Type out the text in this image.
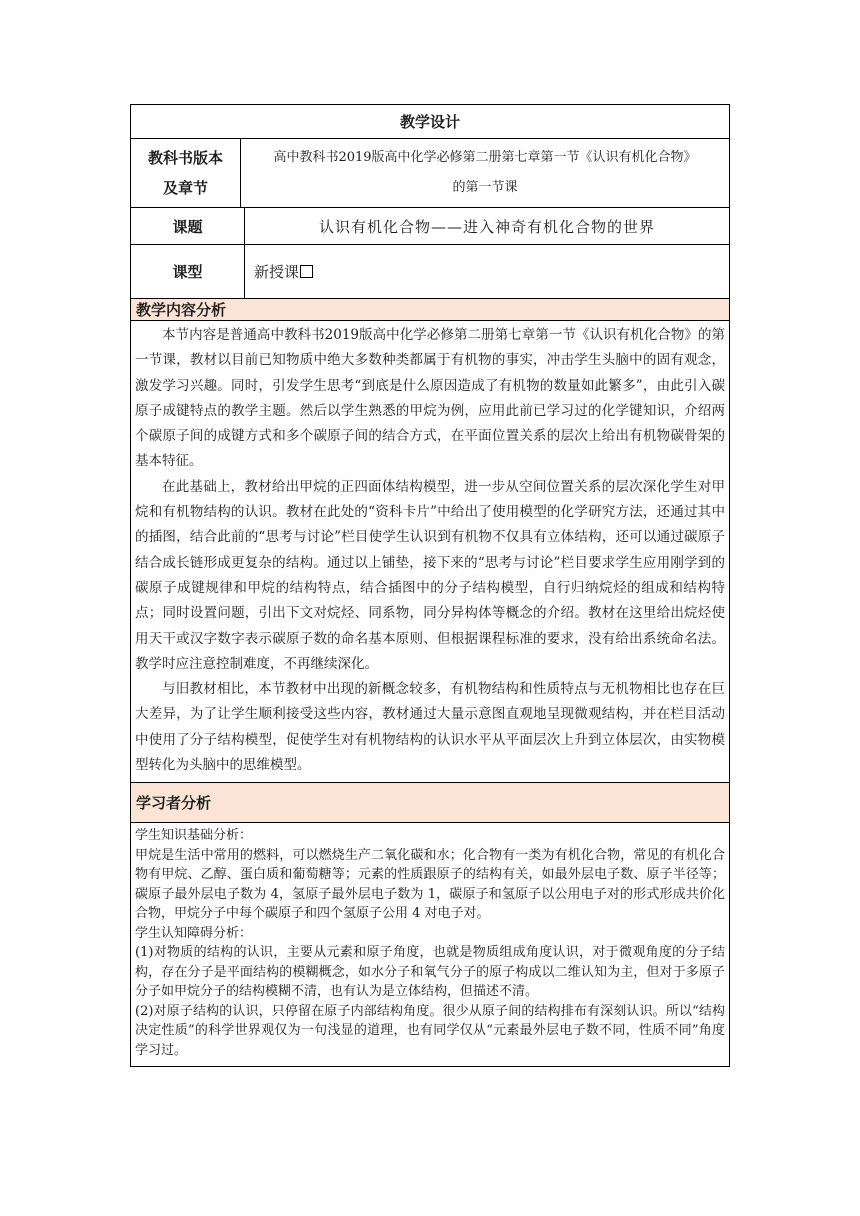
教学设计
教科书版本
及章节
高中教科书2019版高中化学必修第二册第七章第一节《认识有机化合物》
的第一节课
课题	认识有机化合物——进入神奇有机化合物的世界
课型	新授课
教学内容分析

本节内容是普通高中教科书2019版高中化学必修第二册第七章第一节《认识有机化合物》的第一节课，教材以目前已知物质中绝大多数种类都属于有机物的事实，冲击学生头脑中的固有观念，激发学习兴趣。同时，引发学生思考“到底是什么原因造成了有机物的数量如此繁多”，由此引入碳原子成键特点的教学主题。然后以学生熟悉的甲烷为例，应用此前已学习过的化学键知识，介绍两个碳原子间的成键方式和多个碳原子间的结合方式，在平面位置关系的层次上给出有机物碳骨架的基本特征。

在此基础上，教材给出甲烷的正四面体结构模型，进一步从空间位置关系的层次深化学生对甲烷和有机物结构的认识。教材在此处的“资科卡片”中给出了使用模型的化学研究方法，还通过其中的插图，结合此前的“思考与讨论”栏目使学生认识到有机物不仅具有立体结构，还可以通过碳原子结合成长链形成更复杂的结构。通过以上铺垫，接下来的“思考与讨论”栏目要求学生应用刚学到的碳原子成键规律和甲烷的结构特点，结合插图中的分子结构模型，自行归纳烷烃的组成和结构特点；同时设置问题，引出下文对烷烃、同系物，同分异构体等概念的介绍。教材在这里给出烷烃使用天干或汉字数字表示碳原子数的命名基本原则、但根据课程标准的要求，没有给出系统命名法。教学时应注意控制难度，不再继续深化。

与旧教材相比，本节教材中出现的新概念较多，有机物结构和性质特点与无机物相比也存在巨大差异，为了让学生顺利接受这些内容，教材通过大量示意图直观地呈现微观结构，并在栏目活动中使用了分子结构模型，促使学生对有机物结构的认识水平从平面层次上升到立体层次，由实物模型转化为头脑中的思维模型。

学习者分析

学生知识基础分析：

甲烷是生活中常用的燃料，可以燃烧生产二氧化碳和水；化合物有一类为有机化合物，常见的有机化合物有甲烷、乙醇、蛋白质和葡萄糖等；元素的性质跟原子的结构有关，如最外层电子数、原子半径等；碳原子最外层电子数为 4，氢原子最外层电子数为 1，碳原子和氢原子以公用电子对的形式形成共价化合物，甲烷分子中每个碳原子和四个氢原子公用 4 对电子对。

学生认知障碍分析：

(1)对物质的结构的认识，主要从元素和原子角度，也就是物质组成角度认识，对于微观角度的分子结构，存在分子是平面结构的模糊概念，如水分子和氧气分子的原子构成以二维认知为主，但对于多原子分子如甲烷分子的结构模糊不清，也有认为是立体结构，但描述不清。

(2)对原子结构的认识，只停留在原子内部结构角度。很少从原子间的结构排布有深刻认识。所以“结构决定性质”的科学世界观仅为一句浅显的道理，也有同学仅从“元素最外层电子数不同，性质不同”角度学习过。
